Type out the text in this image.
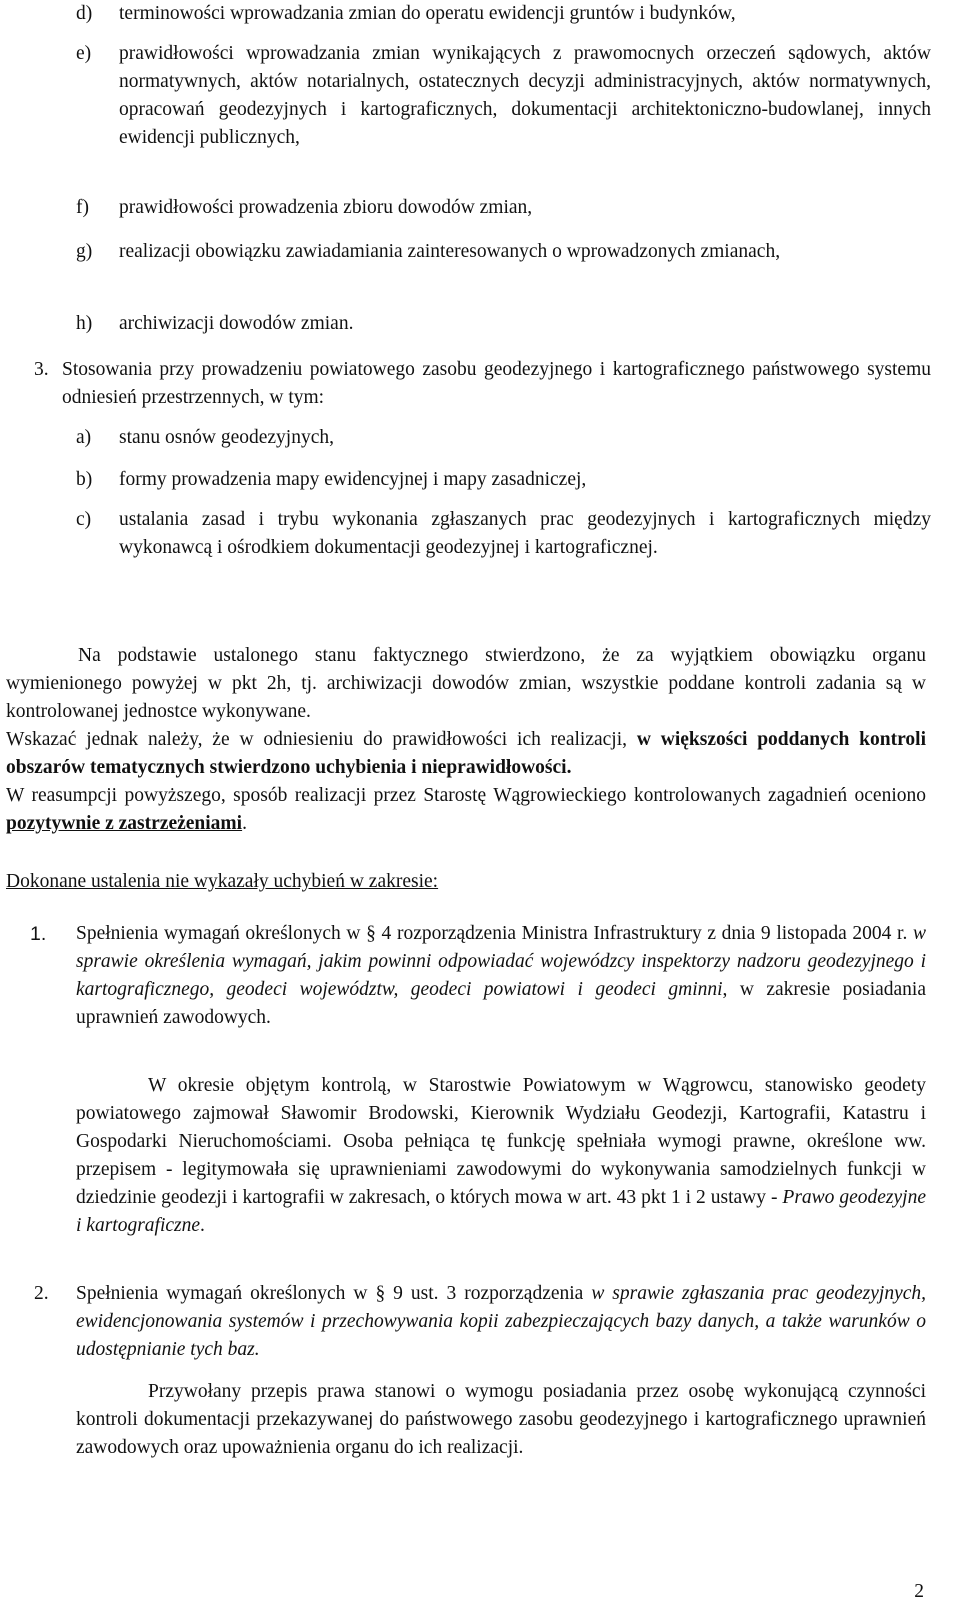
d) terminowości wprowadzania zmian do operatu ewidencji gruntów i budynków,

e) prawidłowości wprowadzania zmian wynikających z prawomocnych orzeczeń sądowych, aktów normatywnych, aktów notarialnych, ostatecznych decyzji administracyjnych, aktów normatywnych, opracowań geodezyjnych i kartograficznych, dokumentacji architektoniczno-budowlanej, innych ewidencji publicznych,

f) prawidłowości prowadzenia zbioru dowodów zmian,

g) realizacji obowiązku zawiadamiania zainteresowanych o wprowadzonych zmianach,

h) archiwizacji dowodów zmian.

3. Stosowania przy prowadzeniu powiatowego zasobu geodezyjnego i kartograficznego państwowego systemu odniesień przestrzennych, w tym:

a) stanu osnów geodezyjnych,

b) formy prowadzenia mapy ewidencyjnej i mapy zasadniczej,

c) ustalania zasad i trybu wykonania zgłaszanych prac geodezyjnych i kartograficznych między wykonawcą i ośrodkiem dokumentacji geodezyjnej i kartograficznej.

Na podstawie ustalonego stanu faktycznego stwierdzono, że za wyjątkiem obowiązku organu wymienionego powyżej w pkt 2h, tj. archiwizacji dowodów zmian, wszystkie poddane kontroli zadania są w kontrolowanej jednostce wykonywane.

Wskazać jednak należy, że w odniesieniu do prawidłowości ich realizacji, w większości poddanych kontroli obszarów tematycznych stwierdzono uchybienia i nieprawidłowości.

W reasumpcji powyższego, sposób realizacji przez Starostę Wągrowieckiego kontrolowanych zagadnień oceniono pozytywnie z zastrzeżeniami.

Dokonane ustalenia nie wykazały uchybień w zakresie:

1. Spełnienia wymagań określonych w § 4 rozporządzenia Ministra Infrastruktury z dnia 9 listopada 2004 r. w sprawie określenia wymagań, jakim powinni odpowiadać wojewódzcy inspektorzy nadzoru geodezyjnego i kartograficznego, geodeci województw, geodeci powiatowi i geodeci gminni, w zakresie posiadania uprawnień zawodowych.

W okresie objętym kontrolą, w Starostwie Powiatowym w Wągrowcu, stanowisko geodety powiatowego zajmował Sławomir Brodowski, Kierownik Wydziału Geodezji, Kartografii, Katastru i Gospodarki Nieruchomościami. Osoba pełniąca tę funkcję spełniała wymogi prawne, określone ww. przepisem - legitymowała się uprawnieniami zawodowymi do wykonywania samodzielnych funkcji w dziedzinie geodezji i kartografii w zakresach, o których mowa w art. 43 pkt 1 i 2 ustawy - Prawo geodezyjne i kartograficzne.

2. Spełnienia wymagań określonych w § 9 ust. 3 rozporządzenia w sprawie zgłaszania prac geodezyjnych, ewidencjonowania systemów i przechowywania kopii zabezpieczających bazy danych, a także warunków o udostępnianie tych baz.

Przywołany przepis prawa stanowi o wymogu posiadania przez osobę wykonującą czynności kontroli dokumentacji przekazywanej do państwowego zasobu geodezyjnego i kartograficznego uprawnień zawodowych oraz upoważnienia organu do ich realizacji.

2
